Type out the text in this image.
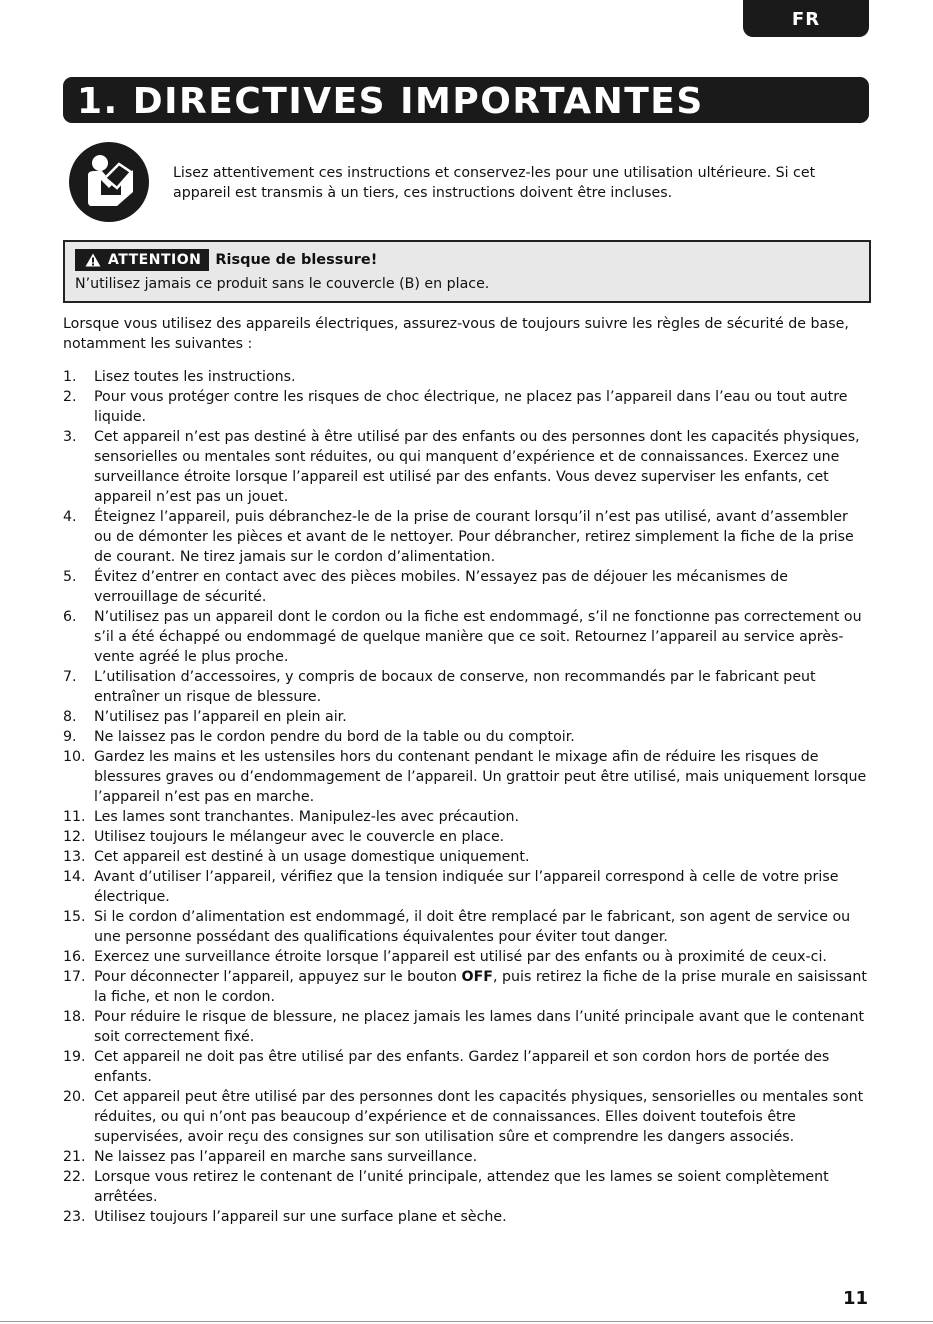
FR
1. DIRECTIVES IMPORTANTES
Lisez attentivement ces instructions et conservez-les pour une utilisation ultérieure. Si cet appareil est transmis à un tiers, ces instructions doivent être incluses.
ATTENTION Risque de blessure!
N’utilisez jamais ce produit sans le couvercle (B) en place.
Lorsque vous utilisez des appareils électriques, assurez-vous de toujours suivre les règles de sécurité de base, notamment les suivantes :
1. Lisez toutes les instructions.
2. Pour vous protéger contre les risques de choc électrique, ne placez pas l’appareil dans l’eau ou tout autre liquide.
3. Cet appareil n’est pas destiné à être utilisé par des enfants ou des personnes dont les capacités physiques, sensorielles ou mentales sont réduites, ou qui manquent d’expérience et de connaissances. Exercez une surveillance étroite lorsque l’appareil est utilisé par des enfants. Vous devez superviser les enfants, cet appareil n’est pas un jouet.
4. Éteignez l’appareil, puis débranchez-le de la prise de courant lorsqu’il n’est pas utilisé, avant d’assembler ou de démonter les pièces et avant de le nettoyer. Pour débrancher, retirez simplement la fiche de la prise de courant. Ne tirez jamais sur le cordon d’alimentation.
5. Évitez d’entrer en contact avec des pièces mobiles. N’essayez pas de déjouer les mécanismes de verrouillage de sécurité.
6. N’utilisez pas un appareil dont le cordon ou la fiche est endommagé, s’il ne fonctionne pas correctement ou s’il a été échappé ou endommagé de quelque manière que ce soit. Retournez l’appareil au service après-vente agréé le plus proche.
7. L’utilisation d’accessoires, y compris de bocaux de conserve, non recommandés par le fabricant peut entraîner un risque de blessure.
8. N’utilisez pas l’appareil en plein air.
9. Ne laissez pas le cordon pendre du bord de la table ou du comptoir.
10. Gardez les mains et les ustensiles hors du contenant pendant le mixage afin de réduire les risques de blessures graves ou d’endommagement de l’appareil. Un grattoir peut être utilisé, mais uniquement lorsque l’appareil n’est pas en marche.
11. Les lames sont tranchantes. Manipulez-les avec précaution.
12. Utilisez toujours le mélangeur avec le couvercle en place.
13. Cet appareil est destiné à un usage domestique uniquement.
14. Avant d’utiliser l’appareil, vérifiez que la tension indiquée sur l’appareil correspond à celle de votre prise électrique.
15. Si le cordon d’alimentation est endommagé, il doit être remplacé par le fabricant, son agent de service ou une personne possédant des qualifications équivalentes pour éviter tout danger.
16. Exercez une surveillance étroite lorsque l’appareil est utilisé par des enfants ou à proximité de ceux-ci.
17. Pour déconnecter l’appareil, appuyez sur le bouton OFF, puis retirez la fiche de la prise murale en saisissant la fiche, et non le cordon.
18. Pour réduire le risque de blessure, ne placez jamais les lames dans l’unité principale avant que le contenant soit correctement fixé.
19. Cet appareil ne doit pas être utilisé par des enfants. Gardez l’appareil et son cordon hors de portée des enfants.
20. Cet appareil peut être utilisé par des personnes dont les capacités physiques, sensorielles ou mentales sont réduites, ou qui n’ont pas beaucoup d’expérience et de connaissances. Elles doivent toutefois être supervisées, avoir reçu des consignes sur son utilisation sûre et comprendre les dangers associés.
21. Ne laissez pas l’appareil en marche sans surveillance.
22. Lorsque vous retirez le contenant de l’unité principale, attendez que les lames se soient complètement arrêtées.
23. Utilisez toujours l’appareil sur une surface plane et sèche.
11
